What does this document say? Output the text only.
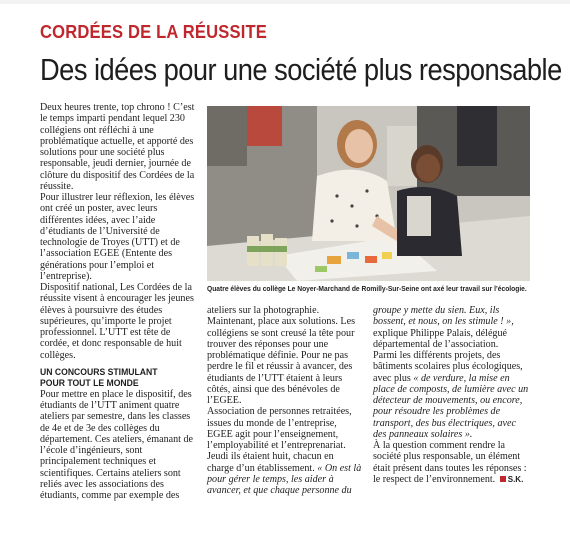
CORDÉES DE LA RÉUSSITE
Des idées pour une société plus responsable

Deux heures trente, top chrono ! C’est le temps imparti pendant lequel 230 collégiens ont réfléchi à une problématique actuelle, et apporté des solutions pour une société plus responsable, jeudi dernier, journée de clôture du dispositif des Cordées de la réussite.

Pour illustrer leur réflexion, les élèves ont créé un poster, avec leurs différentes idées, avec l’aide d’étudiants de l’Université de technologie de Troyes (UTT) et de l’association EGEE (Entente des générations pour l’emploi et l’entreprise).

Dispositif national, Les Cordées de la réussite visent à encourager les jeunes élèves à poursuivre des études supérieures, qu’importe le projet professionnel. L’UTT est tête de cordée, et donc responsable de huit collèges.

UN CONCOURS STIMULANT
POUR TOUT LE MONDE

Pour mettre en place le dispositif, des étudiants de l’UTT animent quatre ateliers par semestre, dans les classes de 4e et de 3e des collèges du département. Ces ateliers, émanant de l’école d’ingénieurs, sont principalement techniques et scientifiques. Certains ateliers sont reliés avec les associations des étudiants, comme par exemple des

Quatre élèves du collège Le Noyer-Marchand de Romilly-Sur-Seine ont axé leur travail sur l’écologie.

ateliers sur la photographie.

Maintenant, place aux solutions. Les collégiens se sont creusé la tête pour trouver des réponses pour une problématique définie. Pour ne pas perdre le fil et réussir à avancer, des étudiants de l’UTT étaient à leurs côtés, ainsi que des bénévoles de l’EGEE.

Association de personnes retraitées, issues du monde de l’entreprise, EGEE agit pour l’enseignement, l’employabilité et l’entreprenariat. Jeudi ils étaient huit, chacun en charge d’un établissement. « On est là pour gérer le temps, les aider à avancer, et que chaque personne du

groupe y mette du sien. Eux, ils bossent, et nous, on les stimule ! », explique Philippe Palais, délégué départemental de l’association.

Parmi les différents projets, des bâtiments scolaires plus écologiques, avec plus « de verdure, la mise en place de composts, de lumière avec un détecteur de mouvements, ou encore, pour résoudre les problèmes de transport, des bus électriques, avec des panneaux solaires ».

À la question comment rendre la société plus responsable, un élément était présent dans toutes les réponses : le respect de l’environnement. S.K.
